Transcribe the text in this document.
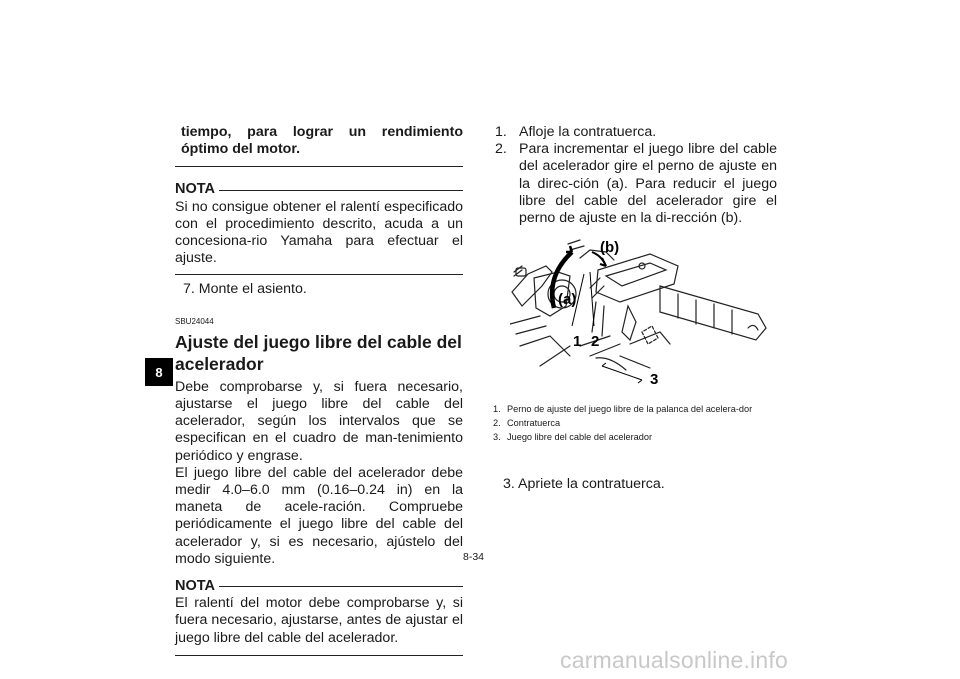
8

tiempo, para lograr un rendimiento óptimo del motor.

NOTA

Si no consigue obtener el ralentí especificado con el procedimiento descrito, acuda a un concesiona-rio Yamaha para efectuar el ajuste.

7. Monte el asiento.

SBU24044
Ajuste del juego libre del cable del acelerador

Debe comprobarse y, si fuera necesario, ajustarse el juego libre del cable del acelerador, según los intervalos que se especifican en el cuadro de man-tenimiento periódico y engrase.

El juego libre del cable del acelerador debe medir 4.0–6.0 mm (0.16–0.24 in) en la maneta de acele-ración. Compruebe periódicamente el juego libre del cable del acelerador y, si es necesario, ajústelo del modo siguiente.

NOTA

El ralentí del motor debe comprobarse y, si fuera necesario, ajustarse, antes de ajustar el juego libre del cable del acelerador.

1. Afloje la contratuerca.
2. Para incrementar el juego libre del cable del acelerador gire el perno de ajuste en la direc-ción (a). Para reducir el juego libre del cable del acelerador gire el perno de ajuste en la di-rección (b).
(b)
(a)
1 2
3
1. Perno de ajuste del juego libre de la palanca del acelera-dor
2. Contratuerca
3. Juego libre del cable del acelerador
3. Apriete la contratuerca.
8-34
carmanualsonline.info
